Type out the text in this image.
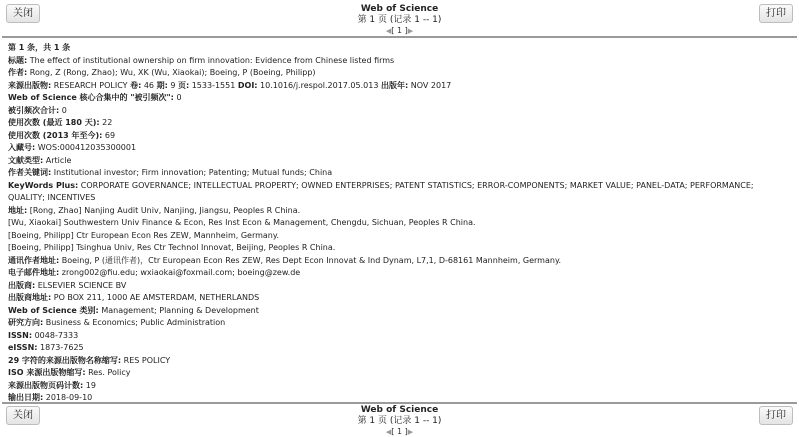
关闭	Web of Science
第 1 页 (记录 1 -- 1)
◀[ 1 ]▶
打印
第 1 条，共 1 条
标题: The effect of institutional ownership on firm innovation: Evidence from Chinese listed firms
作者: Rong, Z (Rong, Zhao); Wu, XK (Wu, Xiaokai); Boeing, P (Boeing, Philipp)
来源出版物: RESEARCH POLICY 卷: 46 期: 9 页: 1533-1551 DOI: 10.1016/j.respol.2017.05.013 出版年: NOV 2017
Web of Science 核心合集中的 "被引频次": 0
被引频次合计: 0
使用次数 (最近 180 天): 22
使用次数 (2013 年至今): 69
入藏号: WOS:000412035300001
文献类型: Article
作者关键词: Institutional investor; Firm innovation; Patenting; Mutual funds; China
KeyWords Plus: CORPORATE GOVERNANCE; INTELLECTUAL PROPERTY; OWNED ENTERPRISES; PATENT STATISTICS; ERROR-COMPONENTS; MARKET VALUE; PANEL-DATA; PERFORMANCE; QUALITY; INCENTIVES
地址: [Rong, Zhao] Nanjing Audit Univ, Nanjing, Jiangsu, Peoples R China.
[Wu, Xiaokai] Southwestern Univ Finance & Econ, Res Inst Econ & Management, Chengdu, Sichuan, Peoples R China.
[Boeing, Philipp] Ctr European Econ Res ZEW, Mannheim, Germany.
[Boeing, Philipp] Tsinghua Univ, Res Ctr Technol Innovat, Beijing, Peoples R China.
通讯作者地址: Boeing, P (通讯作者)，Ctr European Econ Res ZEW, Res Dept Econ Innovat & Ind Dynam, L7,1, D-68161 Mannheim, Germany.
电子邮件地址: zrong002@fiu.edu; wxiaokai@foxmail.com; boeing@zew.de
出版商: ELSEVIER SCIENCE BV
出版商地址: PO BOX 211, 1000 AE AMSTERDAM, NETHERLANDS
Web of Science 类别: Management; Planning & Development
研究方向: Business & Economics; Public Administration
ISSN: 0048-7333
eISSN: 1873-7625
29 字符的来源出版物名称缩写: RES POLICY
ISO 来源出版物缩写: Res. Policy
来源出版物页码计数: 19
输出日期: 2018-09-10
关闭	Web of Science
第 1 页 (记录 1 -- 1)
◀[ 1 ]▶
打印
